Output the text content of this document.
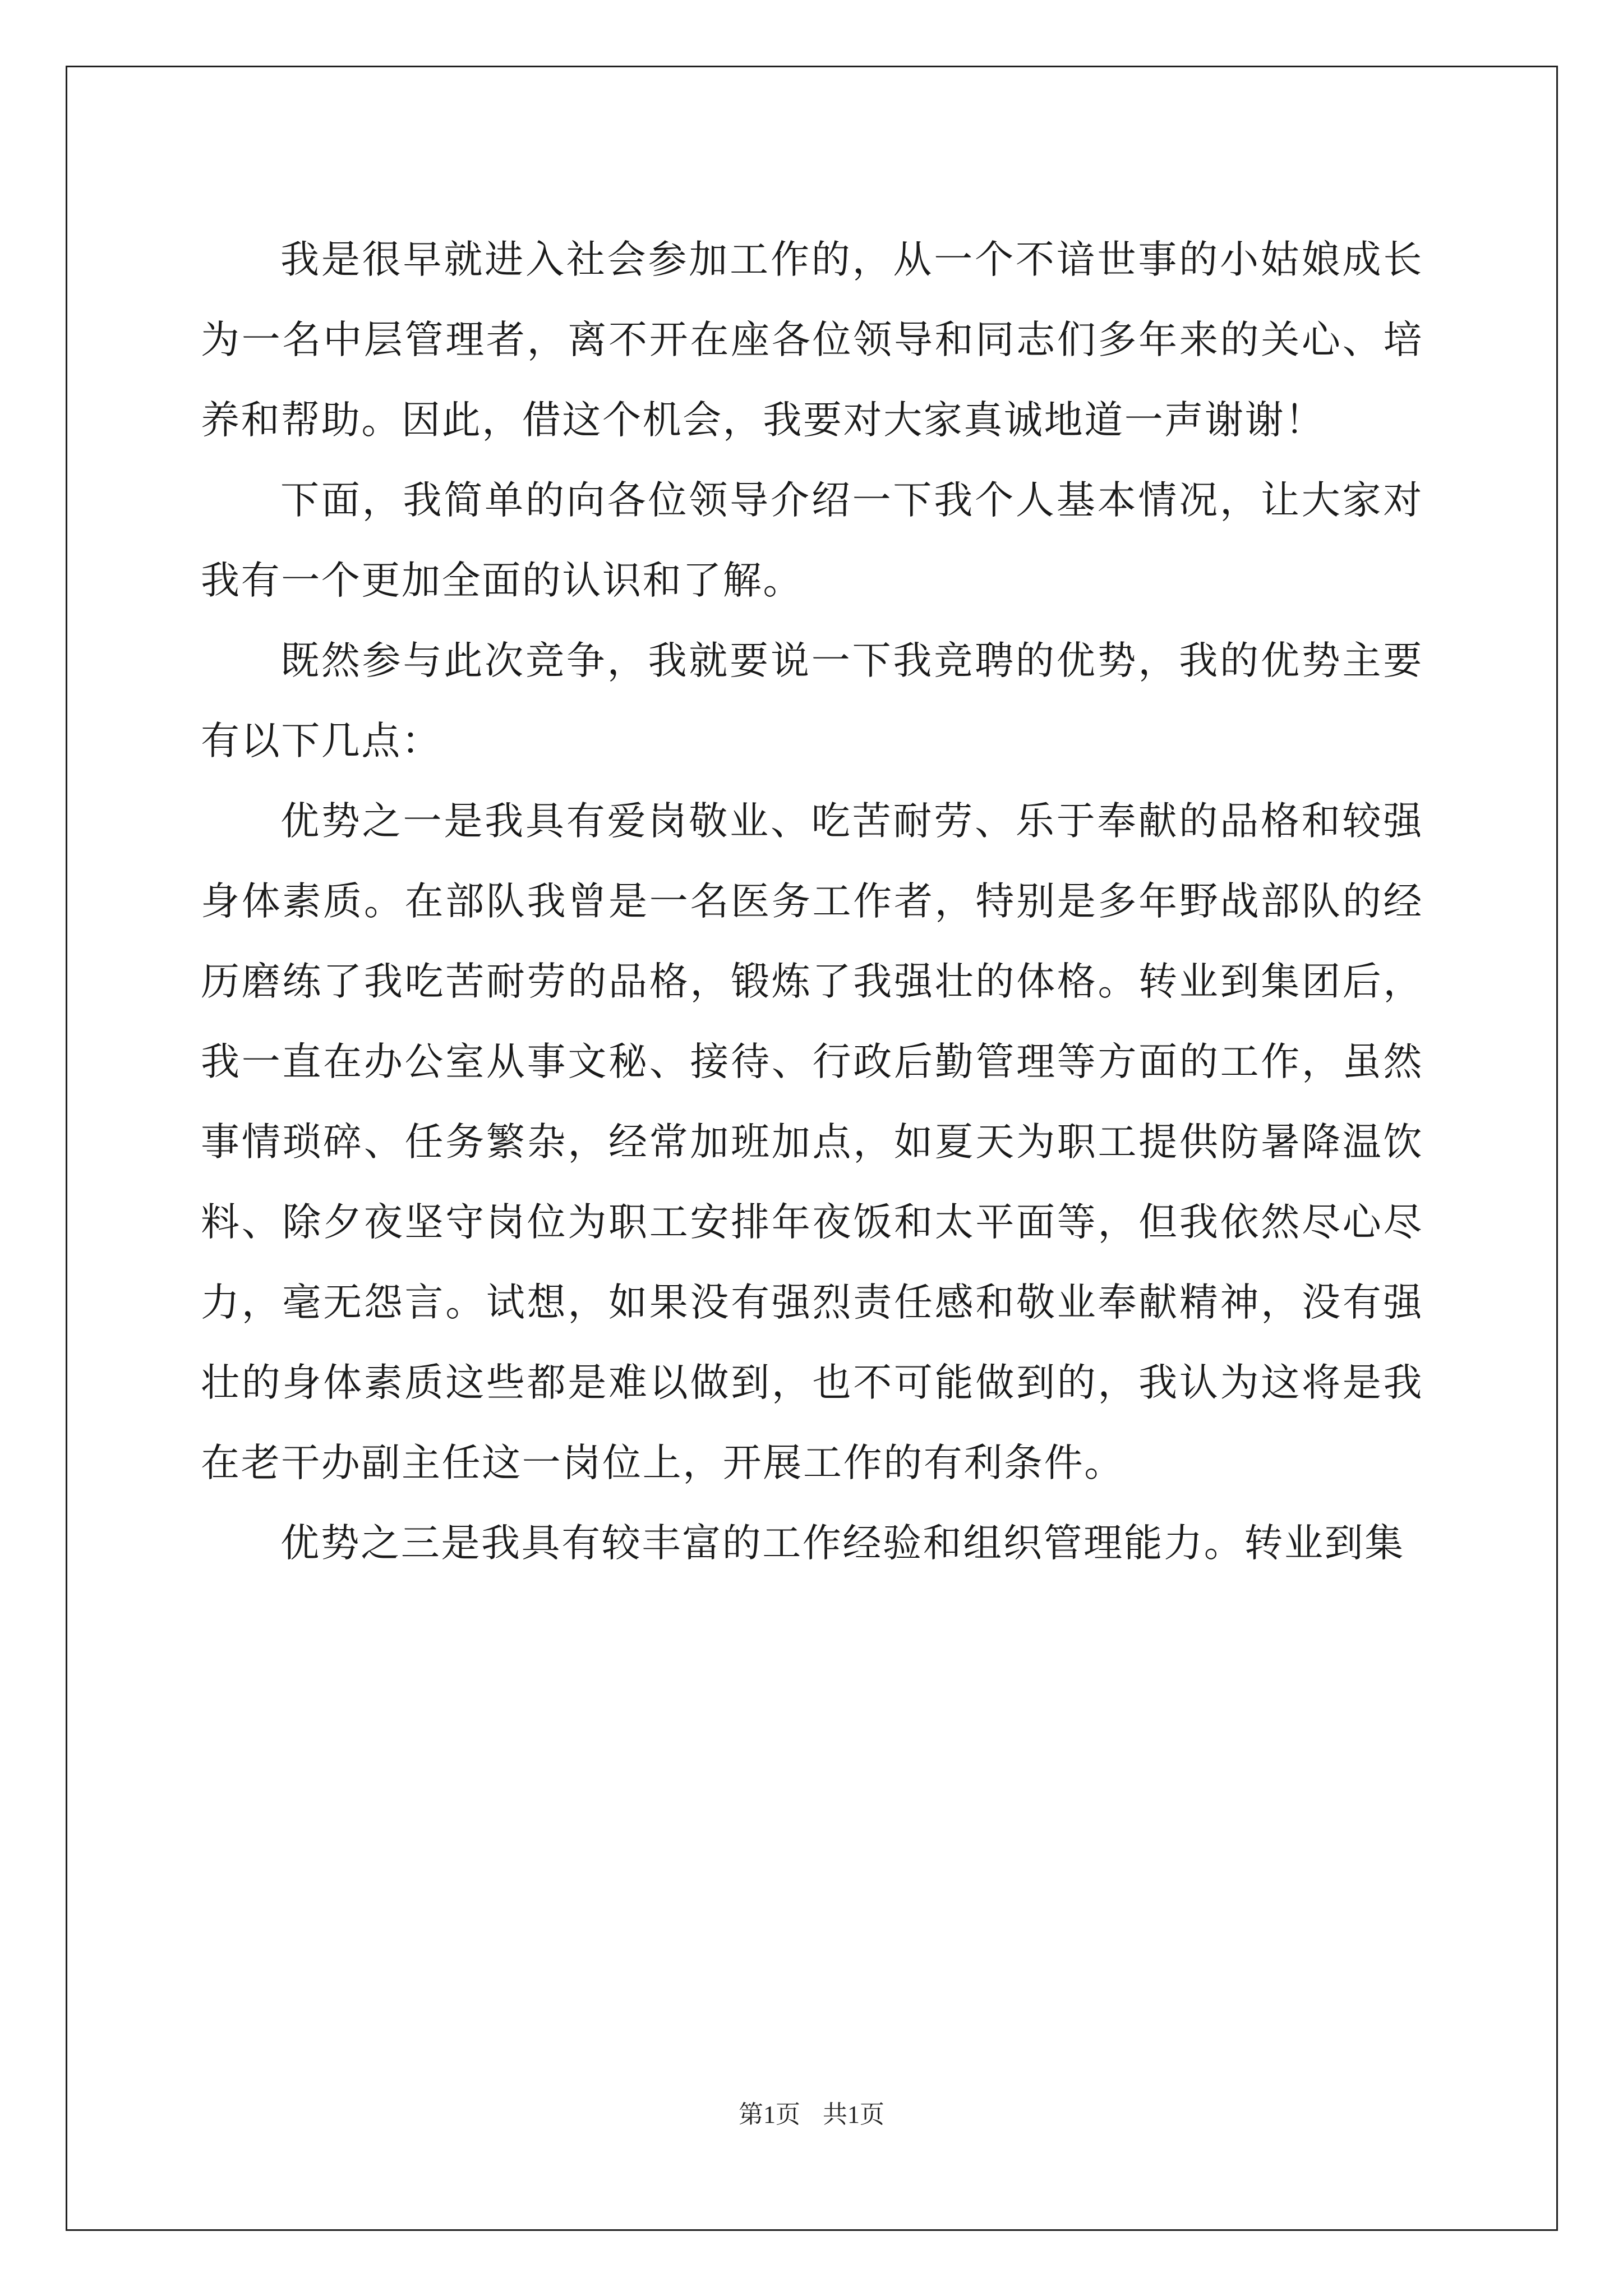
我是很早就进入社会参加工作的，从一个不谙世事的小姑娘成长为一名中层管理者，离不开在座各位领导和同志们多年来的关心、培养和帮助。因此，借这个机会，我要对大家真诚地道一声谢谢！

下面，我简单的向各位领导介绍一下我个人基本情况，让大家对我有一个更加全面的认识和了解。

既然参与此次竞争，我就要说一下我竞聘的优势，我的优势主要有以下几点：

优势之一是我具有爱岗敬业、吃苦耐劳、乐于奉献的品格和较强身体素质。在部队我曾是一名医务工作者，特别是多年野战部队的经历磨练了我吃苦耐劳的品格，锻炼了我强壮的体格。转业到集团后，我一直在办公室从事文秘、接待、行政后勤管理等方面的工作，虽然事情琐碎、任务繁杂，经常加班加点，如夏天为职工提供防暑降温饮料、除夕夜坚守岗位为职工安排年夜饭和太平面等，但我依然尽心尽力，毫无怨言。试想，如果没有强烈责任感和敬业奉献精神，没有强壮的身体素质这些都是难以做到，也不可能做到的，我认为这将是我在老干办副主任这一岗位上，开展工作的有利条件。

优势之三是我具有较丰富的工作经验和组织管理能力。转业到集

第1页 共1页
